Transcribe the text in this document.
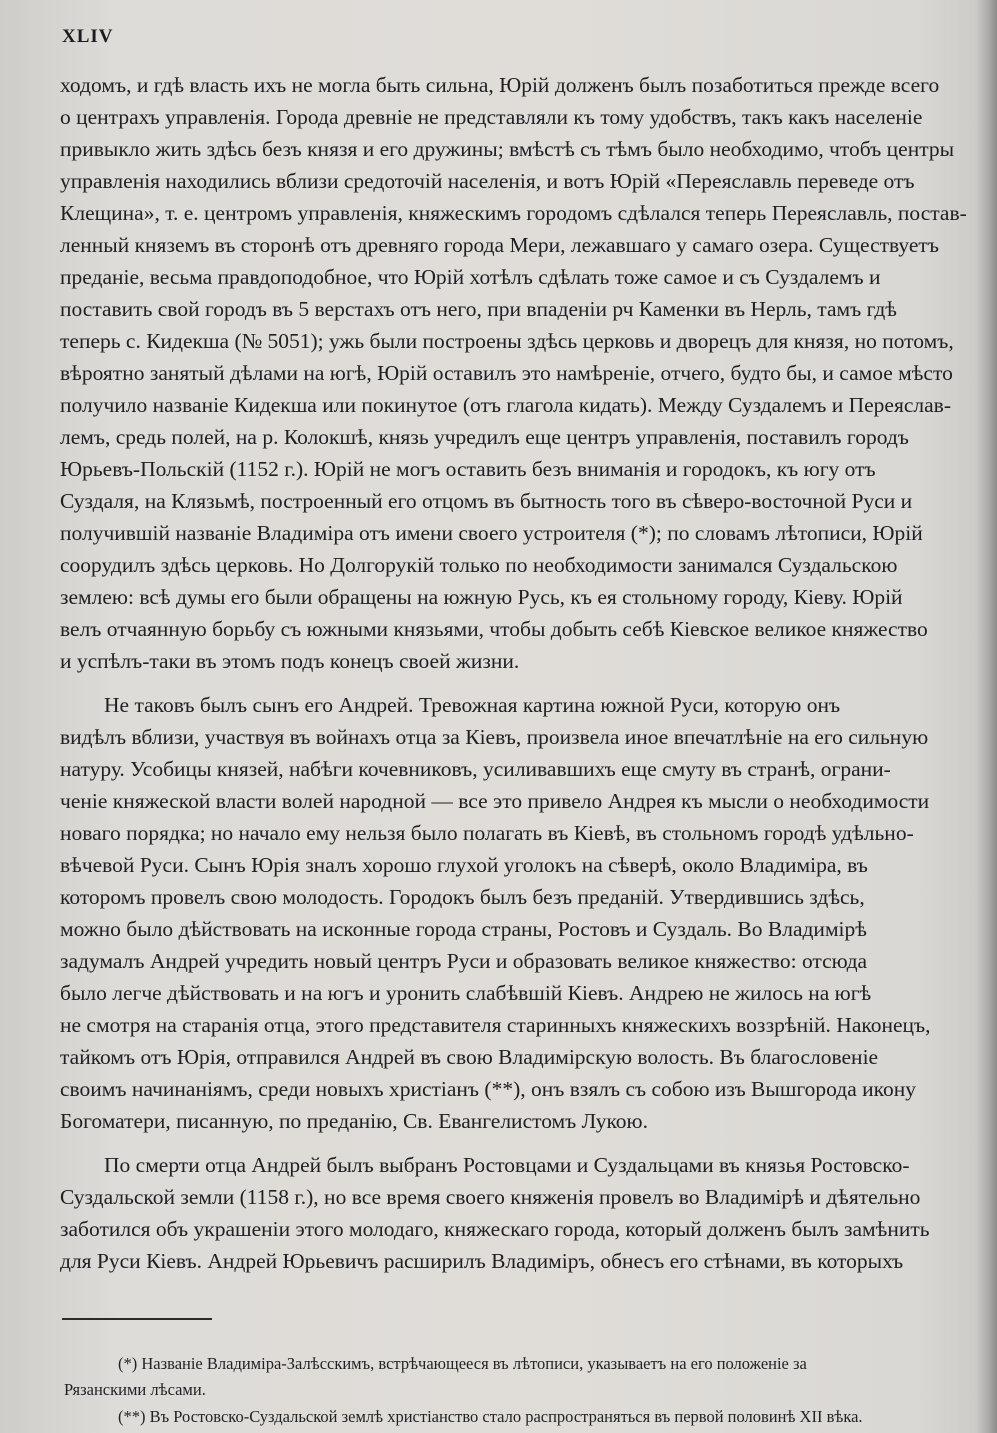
XLIV
ходомъ, и гдѣ власть ихъ не могла быть сильна, Юрій долженъ былъ позаботиться прежде всего
о центрахъ управленія. Города древніе не представляли къ тому удобствъ, такъ какъ населеніе
привыкло жить здѣсь безъ князя и его дружины; вмѣстѣ съ тѣмъ было необходимо, чтобъ центры
управленія находились вблизи средоточій населенія, и вотъ Юрій «Переяславль переведе отъ
Клещина», т. е. центромъ управленія, княжескимъ городомъ сдѣлался теперь Переяславль, постав-
ленный княземъ въ сторонѣ отъ древняго города Мери, лежавшаго у самаго озера. Существуетъ
преданіе, весьма правдоподобное, что Юрій хотѣлъ сдѣлать тоже самое и съ Суздалемъ и
поставить свой городъ въ 5 верстахъ отъ него, при впаденіи рч Каменки въ Нерль, тамъ гдѣ
теперь с. Кидекша (№ 5051); ужь были построены здѣсь церковь и дворецъ для князя, но потомъ,
вѣроятно занятый дѣлами на югѣ, Юрій оставилъ это намѣреніе, отчего, будто бы, и самое мѣсто
получило названіе Кидекша или покинутое (отъ глагола кидать). Между Суздалемъ и Переяслав-
лемъ, средь полей, на р. Колокшѣ, князь учредилъ еще центръ управленія, поставилъ городъ
Юрьевъ-Польскій (1152 г.). Юрій не могъ оставить безъ вниманія и городокъ, къ югу отъ
Суздаля, на Клязьмѣ, построенный его отцомъ въ бытность того въ сѣверо-восточной Руси и
получившій названіе Владиміра отъ имени своего устроителя (*); по словамъ лѣтописи, Юрій
соорудилъ здѣсь церковь. Но Долгорукій только по необходимости занимался Суздальскою
землею: всѣ думы его были обращены на южную Русь, къ ея стольному городу, Кіеву. Юрій
велъ отчаянную борьбу съ южными князьями, чтобы добыть себѣ Кіевское великое княжество
и успѣлъ-таки въ этомъ подъ конецъ своей жизни.
Не таковъ былъ сынъ его Андрей. Тревожная картина южной Руси, которую онъ
видѣлъ вблизи, участвуя въ войнахъ отца за Кіевъ, произвела иное впечатлѣніе на его сильную
натуру. Усобицы князей, набѣги кочевниковъ, усиливавшихъ еще смуту въ странѣ, ограни-
ченіе княжеской власти волей народной — все это привело Андрея къ мысли о необходимости
новаго порядка; но начало ему нельзя было полагать въ Кіевѣ, въ стольномъ городѣ удѣльно-
вѣчевой Руси. Сынъ Юрія зналъ хорошо глухой уголокъ на сѣверѣ, около Владиміра, въ
которомъ провелъ свою молодость. Городокъ былъ безъ преданій. Утвердившись здѣсь,
можно было дѣйствовать на исконные города страны, Ростовъ и Суздаль. Во Владимірѣ
задумалъ Андрей учредить новый центръ Руси и образовать великое княжество: отсюда
было легче дѣйствовать и на югъ и уронить слабѣвшій Кіевъ. Андрею не жилось на югѣ
не смотря на старанія отца, этого представителя старинныхъ княжескихъ воззрѣній. Наконецъ,
тайкомъ отъ Юрія, отправился Андрей въ свою Владимірскую волость. Въ благословеніе
своимъ начинаніямъ, среди новыхъ христіанъ (**), онъ взялъ съ собою изъ Вышгорода икону
Богоматери, писанную, по преданію, Св. Евангелистомъ Лукою.
По смерти отца Андрей былъ выбранъ Ростовцами и Суздальцами въ князья Ростовско-
Суздальской земли (1158 г.), но все время своего княженія провелъ во Владимірѣ и дѣятельно
заботился объ украшеніи этого молодаго, княжескаго города, который долженъ былъ замѣнить
для Руси Кіевъ. Андрей Юрьевичъ расширилъ Владиміръ, обнесъ его стѣнами, въ которыхъ
(*) Названіе Владиміра-Залѣсскимъ, встрѣчающееся въ лѣтописи, указываетъ на его положеніе за
Рязанскими лѣсами.
(**) Въ Ростовско-Суздальской землѣ христіанство стало распространяться въ первой половинѣ XII вѣка.
